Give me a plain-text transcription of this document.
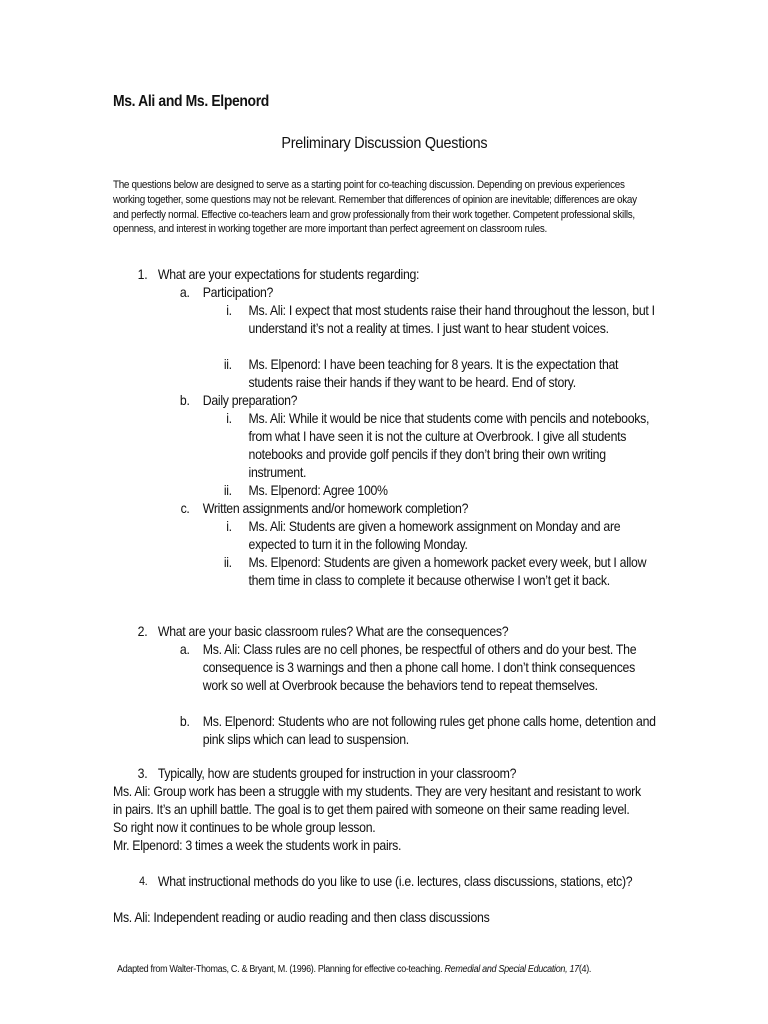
Ms. Ali and Ms. Elpenord
Preliminary Discussion Questions
The questions below are designed to serve as a starting point for co-teaching discussion. Depending on previous experiences working together, some questions may not be relevant. Remember that differences of opinion are inevitable; differences are okay and perfectly normal. Effective co-teachers learn and grow professionally from their work together. Competent professional skills, openness, and interest in working together are more important than perfect agreement on classroom rules.
1. What are your expectations for students regarding:
a. Participation?
i. Ms. Ali: I expect that most students raise their hand throughout the lesson, but I understand it’s not a reality at times. I just want to hear student voices.
ii. Ms. Elpenord: I have been teaching for 8 years. It is the expectation that students raise their hands if they want to be heard. End of story.
b. Daily preparation?
i. Ms. Ali: While it would be nice that students come with pencils and notebooks, from what I have seen it is not the culture at Overbrook. I give all students notebooks and provide golf pencils if they don’t bring their own writing instrument.
ii. Ms. Elpenord: Agree 100%
c. Written assignments and/or homework completion?
i. Ms. Ali: Students are given a homework assignment on Monday and are expected to turn it in the following Monday.
ii. Ms. Elpenord: Students are given a homework packet every week, but I allow them time in class to complete it because otherwise I won’t get it back.
2. What are your basic classroom rules? What are the consequences?
a. Ms. Ali: Class rules are no cell phones, be respectful of others and do your best. The consequence is 3 warnings and then a phone call home. I don’t think consequences work so well at Overbrook because the behaviors tend to repeat themselves.
b. Ms. Elpenord: Students who are not following rules get phone calls home, detention and pink slips which can lead to suspension.
3. Typically, how are students grouped for instruction in your classroom?
Ms. Ali: Group work has been a struggle with my students. They are very hesitant and resistant to work in pairs. It’s an uphill battle. The goal is to get them paired with someone on their same reading level. So right now it continues to be whole group lesson.
Mr. Elpenord: 3 times a week the students work in pairs.
4. What instructional methods do you like to use (i.e. lectures, class discussions, stations, etc)?
Ms. Ali: Independent reading or audio reading and then class discussions
Adapted from Walter-Thomas, C. & Bryant, M. (1996). Planning for effective co-teaching. Remedial and Special Education, 17(4).
